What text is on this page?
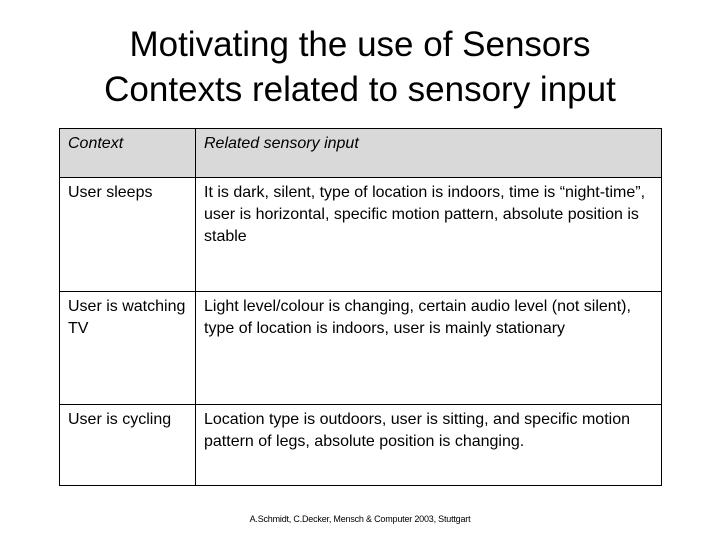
Motivating the use of Sensors
Contexts related to sensory input
Context	Related sensory input
User sleeps	It is dark, silent, type of location is indoors, time is “night-time”, user is horizontal, specific motion pattern, absolute position is stable
User is watching TV	Light level/colour is changing, certain audio level (not silent), type of location is indoors, user is mainly stationary
User is cycling	Location type is outdoors, user is sitting, and specific motion pattern of legs, absolute position is changing.
A.Schmidt, C.Decker, Mensch & Computer 2003, Stuttgart
